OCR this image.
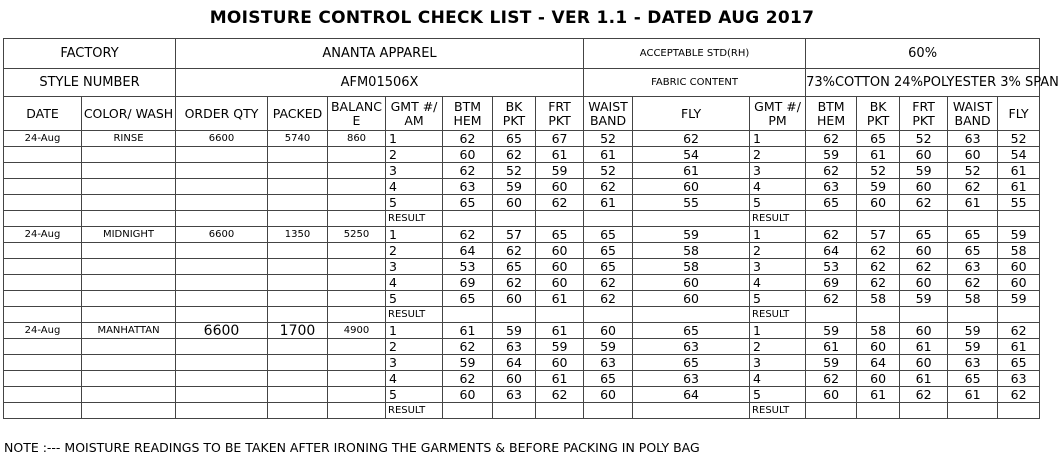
MOISTURE CONTROL CHECK LIST - VER 1.1 - DATED AUG 2017
FACTORY		ANANTA APPAREL							ACCEPTABLE STD(RH)			60%				
STYLE NUMBER		AFM01506X							FABRIC CONTENT			73%COTTON 24%POLYESTER 3% SPAN				
DATE	COLOR/ WASH	ORDER QTY	PACKED	BALANC E	GMT #/ AM	BTM HEM	BK PKT	FRT PKT	WAIST BAND	FLY	GMT #/ PM	BTM HEM	BK PKT	FRT PKT	WAIST BAND	FLY
24-Aug	RINSE	6600	5740	860	1	62	65	67	52	62	1	62	65	52	63	52
					2	60	62	61	61	54	2	59	61	60	60	54
					3	62	52	59	52	61	3	62	52	59	52	61
					4	63	59	60	62	60	4	63	59	60	62	61
					5	65	60	62	61	55	5	65	60	62	61	55
					RESULT						RESULT					
24-Aug	MIDNIGHT	6600	1350	5250	1	62	57	65	65	59	1	62	57	65	65	59
					2	64	62	60	65	58	2	64	62	60	65	58
					3	53	65	60	65	58	3	53	62	62	63	60
					4	69	62	60	62	60	4	69	62	60	62	60
					5	65	60	61	62	60	5	62	58	59	58	59
					RESULT						RESULT					
24-Aug	MANHATTAN	6600	1700	4900	1	61	59	61	60	65	1	59	58	60	59	62
					2	62	63	59	59	63	2	61	60	61	59	61
					3	59	64	60	63	65	3	59	64	60	63	65
					4	62	60	61	65	63	4	62	60	61	65	63
					5	60	63	62	60	64	5	60	61	62	61	62
					RESULT						RESULT					
NOTE :--- MOISTURE READINGS TO BE TAKEN AFTER IRONING THE GARMENTS & BEFORE PACKING IN POLY BAG
